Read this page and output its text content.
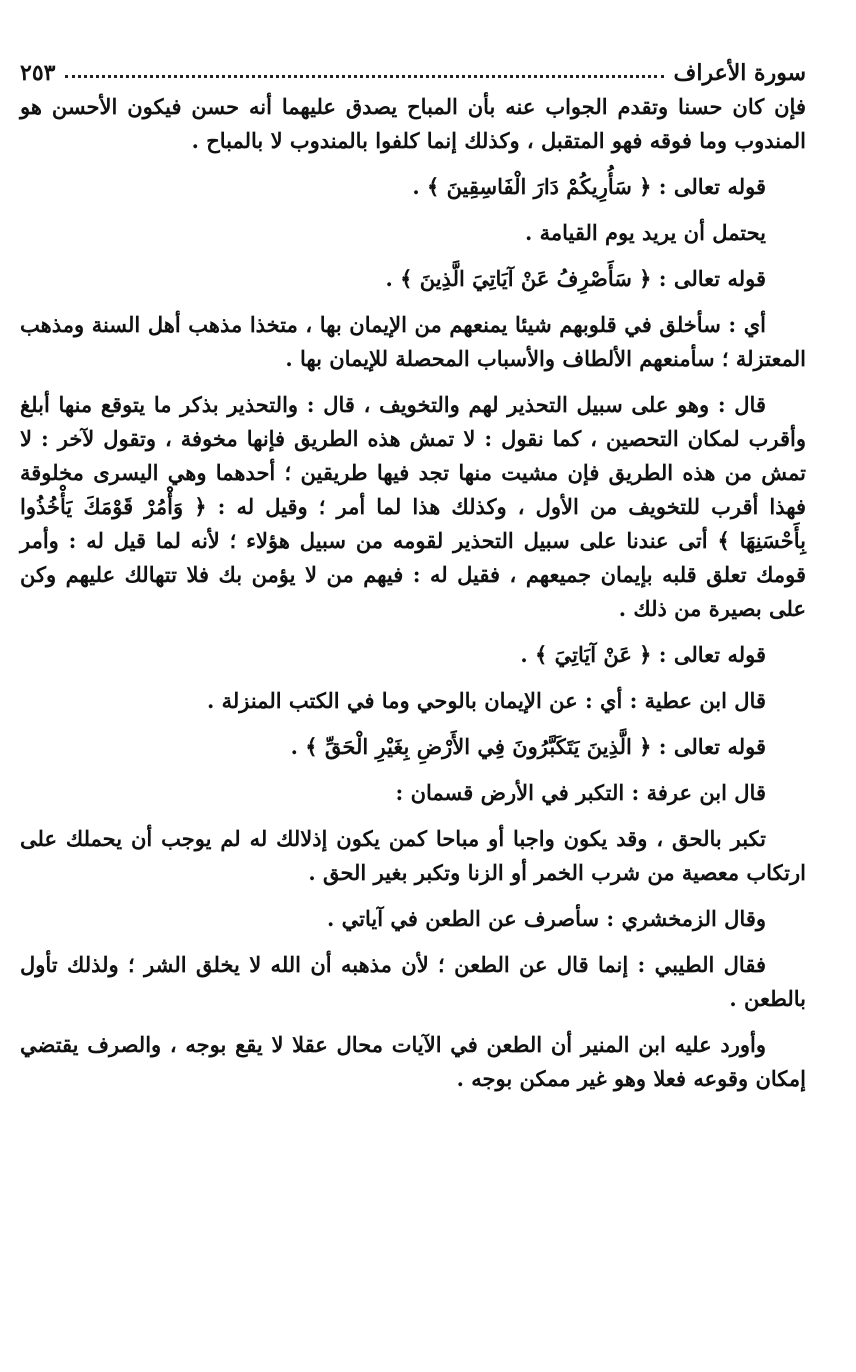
سورة الأعراف
٢٥٣

فإن كان حسنا وتقدم الجواب عنه بأن المباح يصدق عليهما أنه حسن فيكون الأحسن هو المندوب وما فوقه فهو المتقبل ، وكذلك إنما كلفوا بالمندوب لا بالمباح .

قوله تعالى : ﴿ سَأُرِيكُمْ دَارَ الْفَاسِقِينَ ﴾ .

يحتمل أن يريد يوم القيامة .

قوله تعالى : ﴿ سَأَصْرِفُ عَنْ آيَاتِيَ الَّذِينَ ﴾ .

أي : سأخلق في قلوبهم شيئا يمنعهم من الإيمان بها ، متخذا مذهب أهل السنة ومذهب المعتزلة ؛ سأمنعهم الألطاف والأسباب المحصلة للإيمان بها .

قال : وهو على سبيل التحذير لهم والتخويف ، قال : والتحذير بذكر ما يتوقع منها أبلغ وأقرب لمكان التحصين ، كما نقول : لا تمش هذه الطريق فإنها مخوفة ، وتقول لآخر : لا تمش من هذه الطريق فإن مشيت منها تجد فيها طريقين ؛ أحدهما وهي اليسرى مخلوقة فهذا أقرب للتخويف من الأول ، وكذلك هذا لما أمر ؛ وقيل له : ﴿ وَأْمُرْ قَوْمَكَ يَأْخُذُوا بِأَحْسَنِهَا ﴾ أتى عندنا على سبيل التحذير لقومه من سبيل هؤلاء ؛ لأنه لما قيل له : وأمر قومك تعلق قلبه بإيمان جميعهم ، فقيل له : فيهم من لا يؤمن بك فلا تتهالك عليهم وكن على بصيرة من ذلك .

قوله تعالى : ﴿ عَنْ آيَاتِيَ ﴾ .

قال ابن عطية : أي : عن الإيمان بالوحي وما في الكتب المنزلة .

قوله تعالى : ﴿ الَّذِينَ يَتَكَبَّرُونَ فِي الأَرْضِ بِغَيْرِ الْحَقِّ ﴾ .

قال ابن عرفة : التكبر في الأرض قسمان :

تكبر بالحق ، وقد يكون واجبا أو مباحا كمن يكون إذلالك له لم يوجب أن يحملك على ارتكاب معصية من شرب الخمر أو الزنا وتكبر بغير الحق .

وقال الزمخشري : سأصرف عن الطعن في آياتي .

فقال الطيبي : إنما قال عن الطعن ؛ لأن مذهبه أن الله لا يخلق الشر ؛ ولذلك تأول بالطعن .

وأورد عليه ابن المنير أن الطعن في الآيات محال عقلا لا يقع بوجه ، والصرف يقتضي إمكان وقوعه فعلا وهو غير ممكن بوجه .
